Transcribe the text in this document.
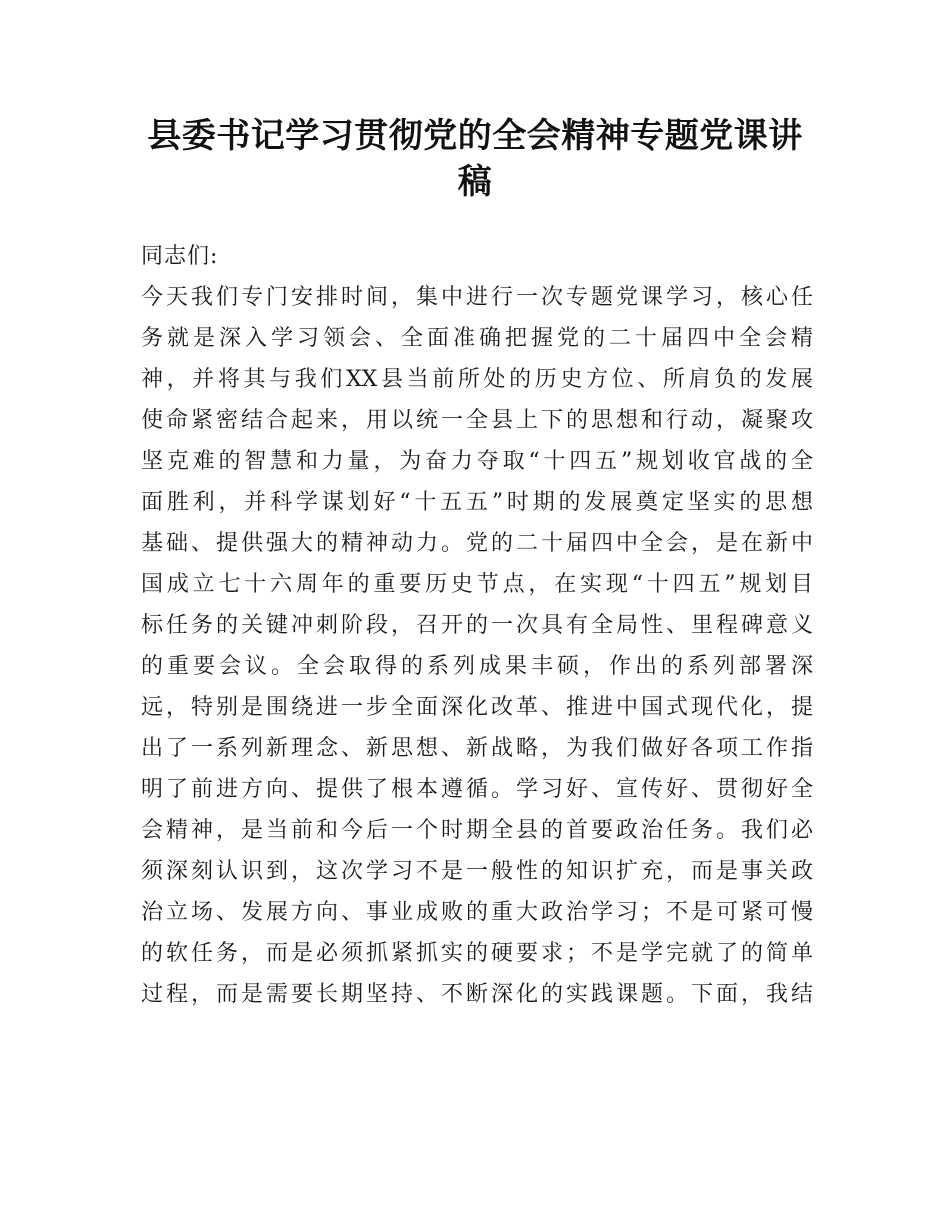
县委书记学习贯彻党的全会精神专题党课讲
稿
同志们:
今天我们专门安排时间，集中进行一次专题党课学习，核心任
务就是深入学习领会、全面准确把握党的二十届四中全会精
神，并将其与我们XX县当前所处的历史方位、所肩负的发展
使命紧密结合起来，用以统一全县上下的思想和行动，凝聚攻
坚克难的智慧和力量，为奋力夺取“十四五”规划收官战的全
面胜利，并科学谋划好“十五五”时期的发展奠定坚实的思想
基础、提供强大的精神动力。党的二十届四中全会，是在新中
国成立七十六周年的重要历史节点，在实现“十四五”规划目
标任务的关键冲刺阶段，召开的一次具有全局性、里程碑意义
的重要会议。全会取得的系列成果丰硕，作出的系列部署深
远，特别是围绕进一步全面深化改革、推进中国式现代化，提
出了一系列新理念、新思想、新战略，为我们做好各项工作指
明了前进方向、提供了根本遵循。学习好、宣传好、贯彻好全
会精神，是当前和今后一个时期全县的首要政治任务。我们必
须深刻认识到，这次学习不是一般性的知识扩充，而是事关政
治立场、发展方向、事业成败的重大政治学习；不是可紧可慢
的软任务，而是必须抓紧抓实的硬要求；不是学完就了的简单
过程，而是需要长期坚持、不断深化的实践课题。下面，我结
